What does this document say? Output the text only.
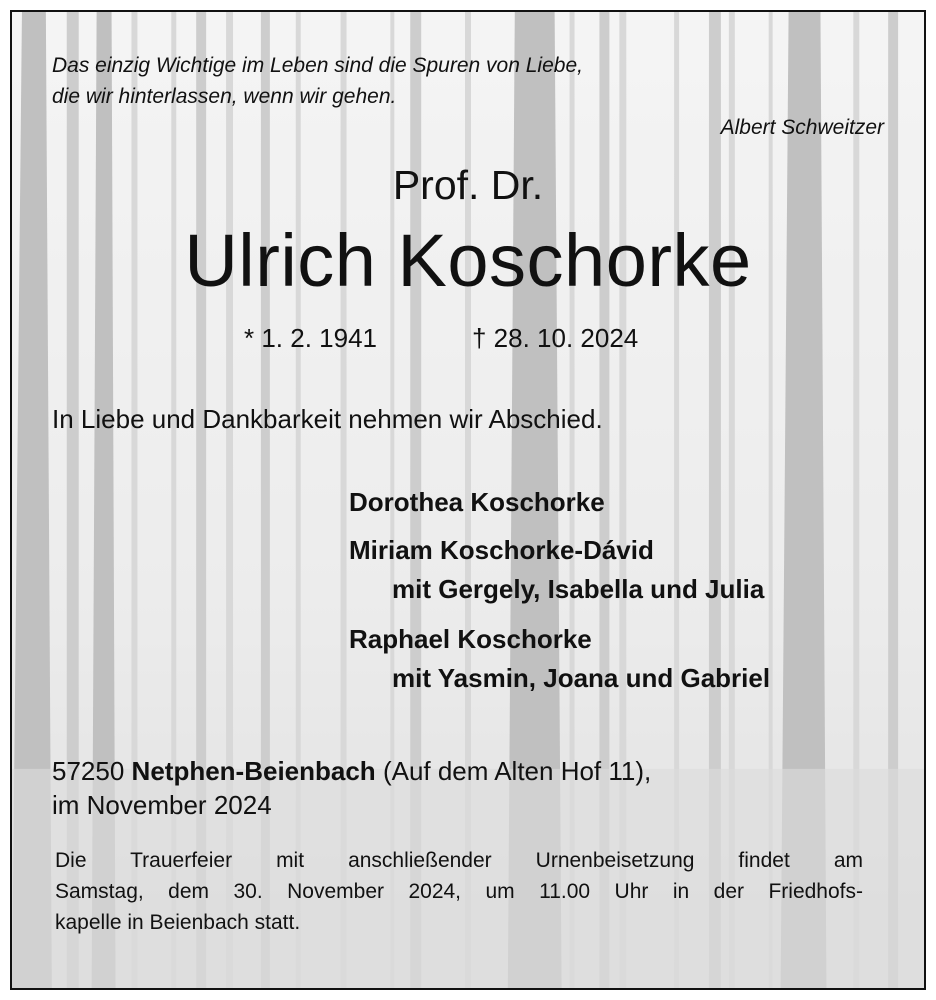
Das einzig Wichtige im Leben sind die Spuren von Liebe,
die wir hinterlassen, wenn wir gehen.

Albert Schweitzer

Prof. Dr.

Ulrich Koschorke

* 1. 2. 1941	† 28. 10. 2024

In Liebe und Dankbarkeit nehmen wir Abschied.

Dorothea Koschorke

Miriam Koschorke-Dávid

mit Gergely, Isabella und Julia

Raphael Koschorke

mit Yasmin, Joana und Gabriel

57250 Netphen-Beienbach (Auf dem Alten Hof 11),

im November 2024

Die Trauerfeier mit anschließender Urnenbeisetzung findet am
Samstag, dem 30. November 2024, um 11.00 Uhr in der Friedhofs-
kapelle in Beienbach statt.
